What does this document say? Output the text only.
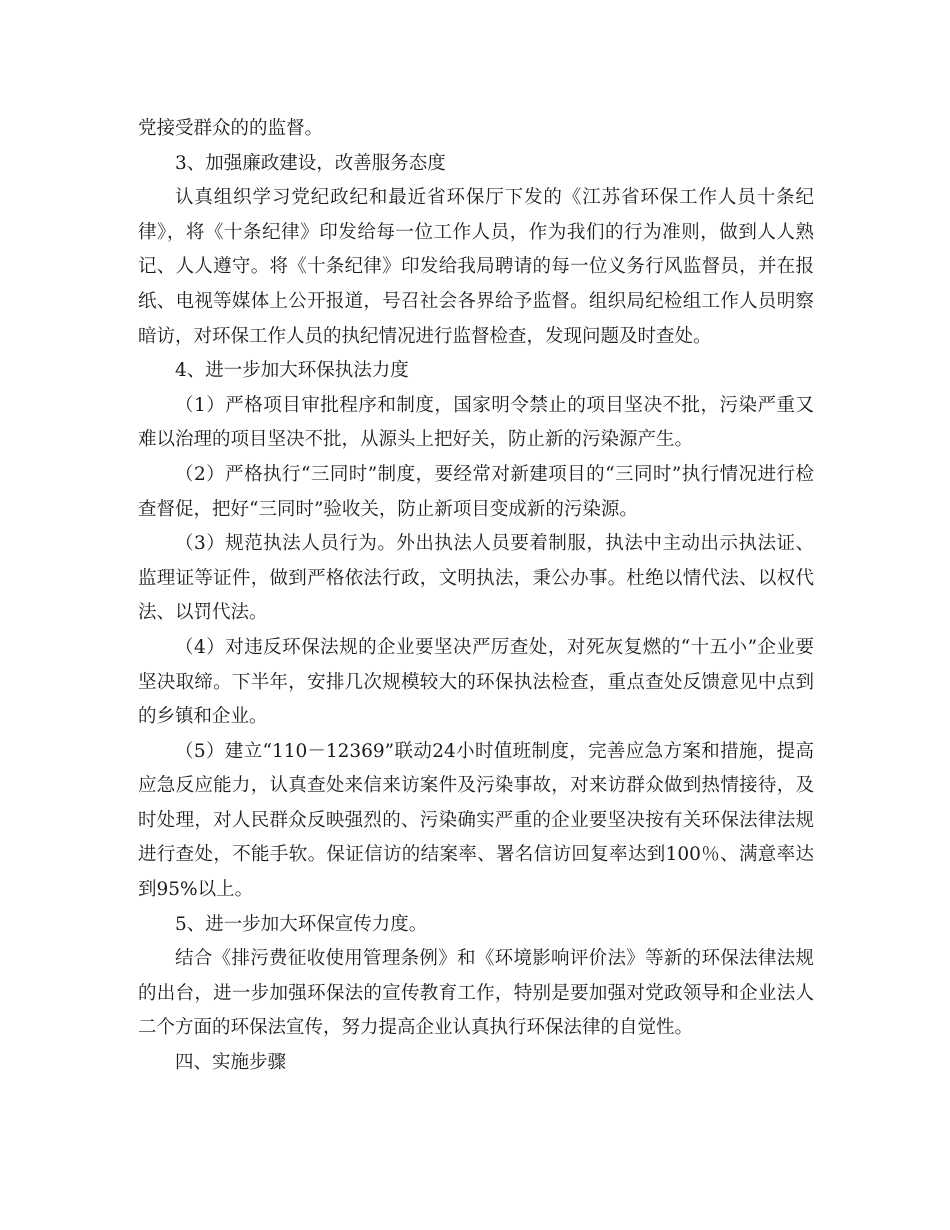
党接受群众的的监督。

3、加强廉政建设，改善服务态度

认真组织学习党纪政纪和最近省环保厅下发的《江苏省环保工作人员十条纪律》，将《十条纪律》印发给每一位工作人员，作为我们的行为准则，做到人人熟记、人人遵守。将《十条纪律》印发给我局聘请的每一位义务行风监督员，并在报纸、电视等媒体上公开报道，号召社会各界给予监督。组织局纪检组工作人员明察暗访，对环保工作人员的执纪情况进行监督检查，发现问题及时查处。

4、进一步加大环保执法力度

（1）严格项目审批程序和制度，国家明令禁止的项目坚决不批，污染严重又难以治理的项目坚决不批，从源头上把好关，防止新的污染源产生。

（2）严格执行“三同时”制度，要经常对新建项目的“三同时”执行情况进行检查督促，把好“三同时”验收关，防止新项目变成新的污染源。

（3）规范执法人员行为。外出执法人员要着制服，执法中主动出示执法证、监理证等证件，做到严格依法行政，文明执法，秉公办事。杜绝以情代法、以权代法、以罚代法。

（4）对违反环保法规的企业要坚决严厉查处，对死灰复燃的“十五小”企业要坚决取缔。下半年，安排几次规模较大的环保执法检查，重点查处反馈意见中点到的乡镇和企业。

（5）建立“110－12369”联动24小时值班制度，完善应急方案和措施，提高应急反应能力，认真查处来信来访案件及污染事故，对来访群众做到热情接待，及时处理，对人民群众反映强烈的、污染确实严重的企业要坚决按有关环保法律法规进行查处，不能手软。保证信访的结案率、署名信访回复率达到100％、满意率达到95%以上。

5、进一步加大环保宣传力度。

结合《排污费征收使用管理条例》和《环境影响评价法》等新的环保法律法规的出台，进一步加强环保法的宣传教育工作，特别是要加强对党政领导和企业法人二个方面的环保法宣传，努力提高企业认真执行环保法律的自觉性。

四、实施步骤
